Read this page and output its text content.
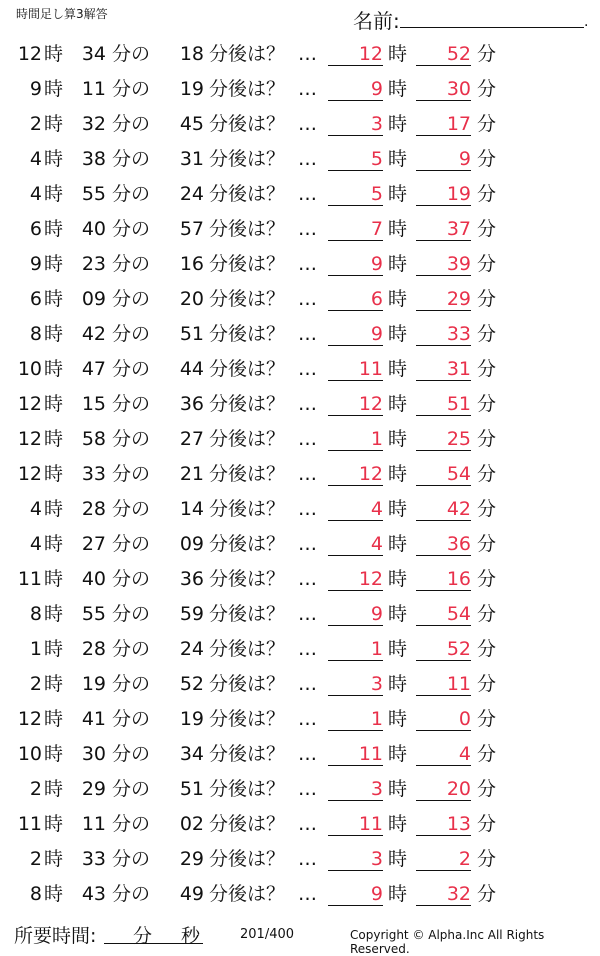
時間足し算3解答	名前:	.
12 時 34 分の	18 分後は？ …	12 時	52 分
9 時 11 分の	19 分後は？ …	9 時	30 分
2 時 32 分の	45 分後は？ …	3 時	17 分
4 時 38 分の	31 分後は？ …	5 時	9 分
4 時 55 分の	24 分後は？ …	5 時	19 分
6 時 40 分の	57 分後は？ …	7 時	37 分
9 時 23 分の	16 分後は？ …	9 時	39 分
6 時 09 分の	20 分後は？ …	6 時	29 分
8 時 42 分の	51 分後は？ …	9 時	33 分
10 時 47 分の	44 分後は？ …	11 時	31 分
12 時 15 分の	36 分後は？ …	12 時	51 分
12 時 58 分の	27 分後は？ …	1 時	25 分
12 時 33 分の	21 分後は？ …	12 時	54 分
4 時 28 分の	14 分後は？ …	4 時	42 分
4 時 27 分の	09 分後は？ …	4 時	36 分
11 時 40 分の	36 分後は？ …	12 時	16 分
8 時 55 分の	59 分後は？ …	9 時	54 分
1 時 28 分の	24 分後は？ …	1 時	52 分
2 時 19 分の	52 分後は？ …	3 時	11 分
12 時 41 分の	19 分後は？ …	1 時	0 分
10 時 30 分の	34 分後は？ …	11 時	4 分
2 時 29 分の	51 分後は？ …	3 時	20 分
11 時 11 分の	02 分後は？ …	11 時	13 分
2 時 33 分の	29 分後は？ …	3 時	2 分
8 時 43 分の	49 分後は？ …	9 時	32 分
所要時間: 分 秒	201/400	Copyright © Alpha.Inc All Rights Reserved.
